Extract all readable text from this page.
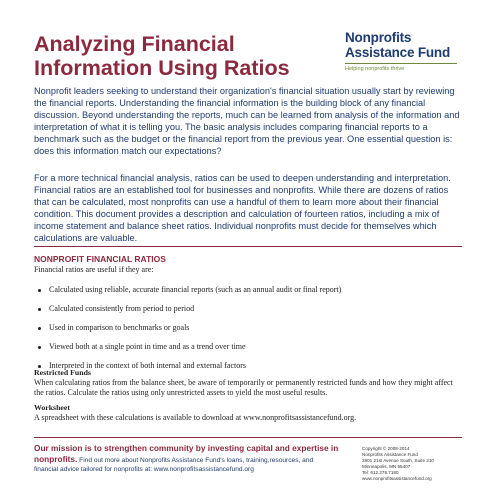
Analyzing Financial
Information Using Ratios
Nonprofits
Assistance Fund
Helping nonprofits thrive

Nonprofit leaders seeking to understand their organization's financial situation usually start by reviewing the financial reports. Understanding the financial information is the building block of any financial discussion. Beyond understanding the reports, much can be learned from analysis of the information and interpretation of what it is telling you. The basic analysis includes comparing financial reports to a benchmark such as the budget or the financial report from the previous year. One essential question is: does this information match our expectations?

For a more technical financial analysis, ratios can be used to deepen understanding and interpretation. Financial ratios are an established tool for businesses and nonprofits. While there are dozens of ratios that can be calculated, most nonprofits can use a handful of them to learn more about their financial condition. This document provides a description and calculation of fourteen ratios, including a mix of income statement and balance sheet ratios. Individual nonprofits must decide for themselves which calculations are valuable.

NONPROFIT FINANCIAL RATIOS

Financial ratios are useful if they are:

Calculated using reliable, accurate financial reports (such as an annual audit or final report)
Calculated consistently from period to period
Used in comparison to benchmarks or goals
Viewed both at a single point in time and as a trend over time
Interpreted in the context of both internal and external factors
Restricted Funds

When calculating ratios from the balance sheet, be aware of temporarily or permanently restricted funds and how they might affect the ratios. Calculate the ratios using only unrestricted assets to yield the most useful results.

Worksheet

A spreadsheet with these calculations is available to download at www.nonprofitsassistancefund.org.

Our mission is to strengthen community by investing capital and expertise in nonprofits. Find out more about Nonprofits Assistance Fund's loans, training,resources, and financial advice tailored for nonprofits at: www.nonprofitsassistancefund.org

Copyright © 2008-2014
Nonprofits Assistance Fund
2801 21st Avenue South, Suite 210
Minneapolis, MN 55407
Tel: 612.278.7180
www.nonprofitsassistancefund.org
